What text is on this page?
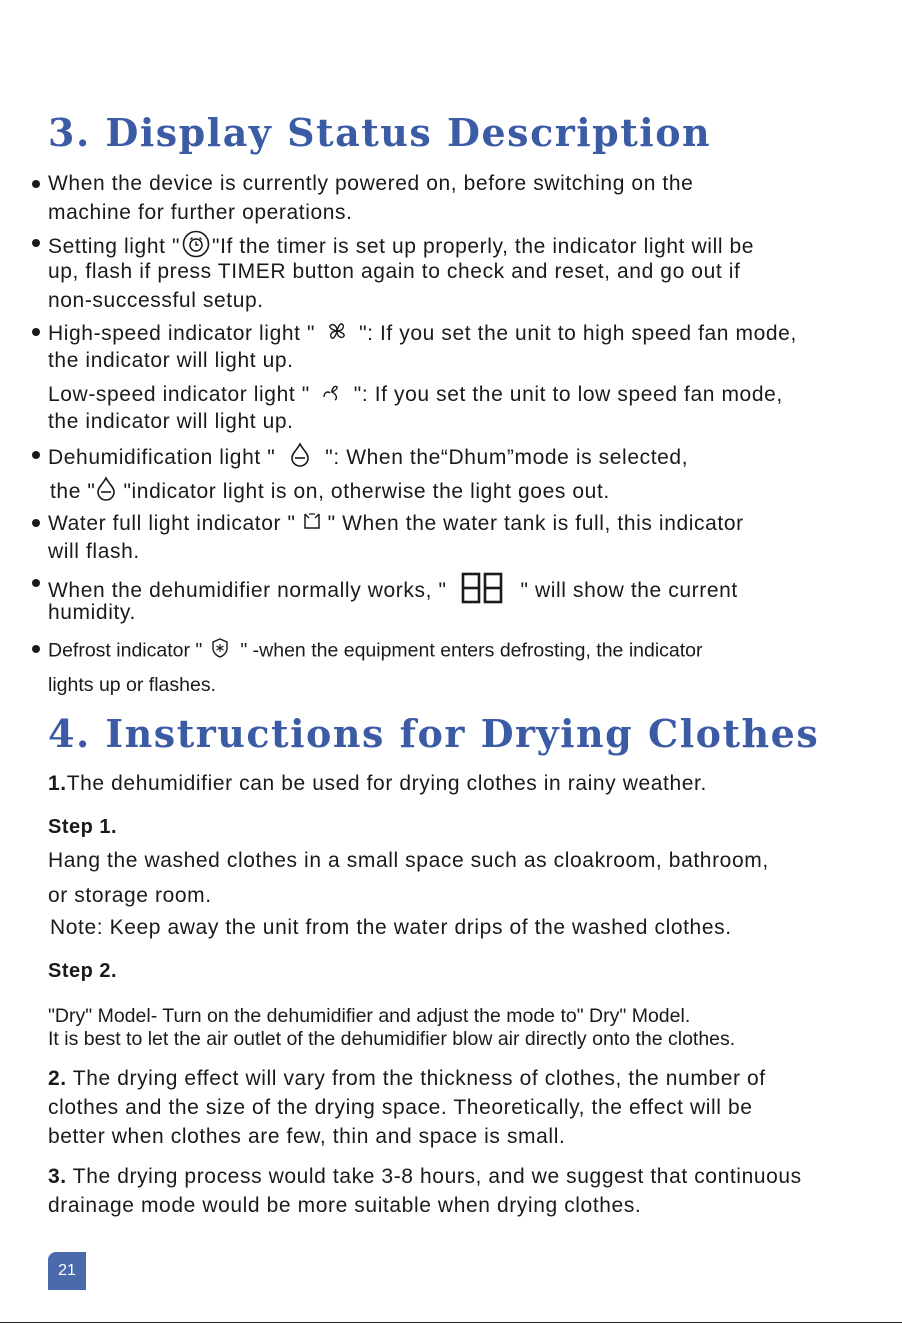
3. Display Status Description

When the device is currently powered on, before switching on the

machine for further operations.

Setting light " "If the timer is set up properly, the indicator light will be

up, flash if press TIMER button again to check and reset, and go out if

non-successful setup.

High-speed indicator light " ": If you set the unit to high speed fan mode,

the indicator will light up.

Low-speed indicator light " ": If you set the unit to low speed fan mode,

the indicator will light up.

Dehumidification light " ": When the“Dhum”mode is selected,

the " "indicator light is on, otherwise the light goes out.

Water full light indicator " " When the water tank is full, this indicator

will flash.

When the dehumidifier normally works, "	" will show the current

humidity.

Defrost indicator " " -when the equipment enters defrosting, the indicator

lights up or flashes.

4. Instructions for Drying Clothes

1.The dehumidifier can be used for drying clothes in rainy weather.

Step 1.

Hang the washed clothes in a small space such as cloakroom, bathroom,

or storage room.

Note: Keep away the unit from the water drips of the washed clothes.

Step 2.

"Dry" Model- Turn on the dehumidifier and adjust the mode to" Dry" Model.

It is best to let the air outlet of the dehumidifier blow air directly onto the clothes.

2. The drying effect will vary from the thickness of clothes, the number of

clothes and the size of the drying space. Theoretically, the effect will be

better when clothes are few, thin and space is small.

3. The drying process would take 3-8 hours, and we suggest that continuous

drainage mode would be more suitable when drying clothes.

21
